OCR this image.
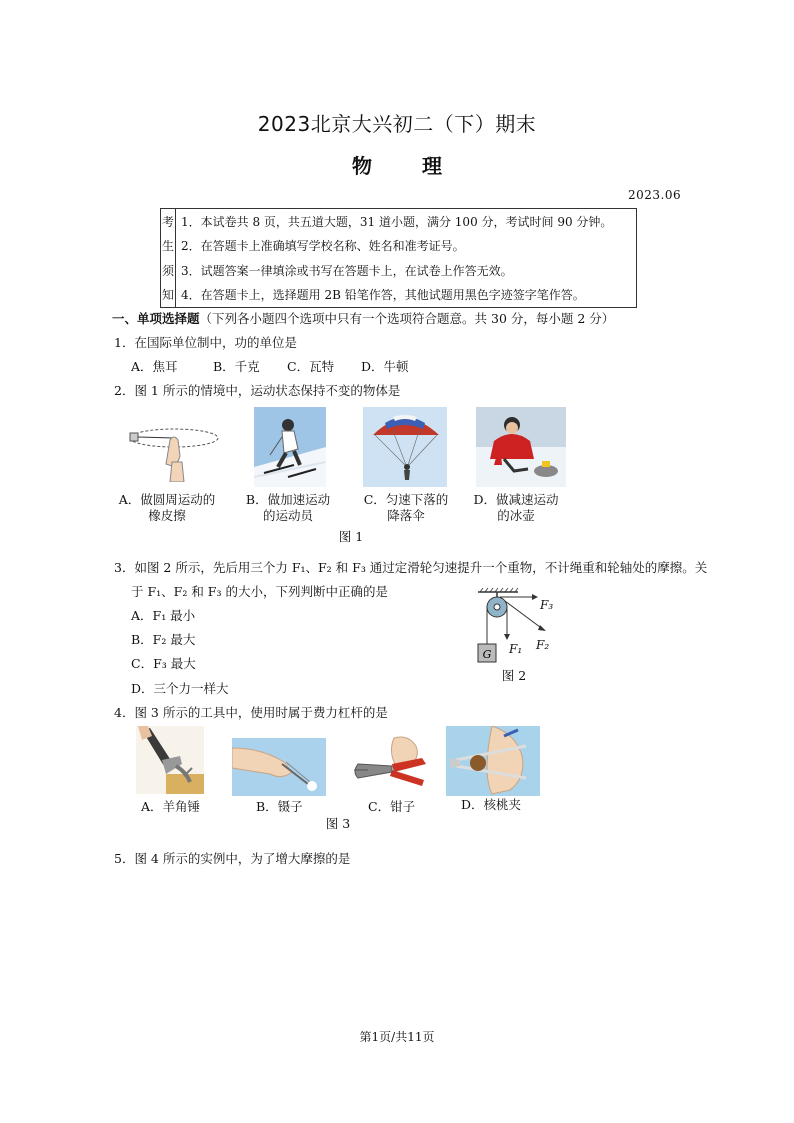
2023北京大兴初二（下）期末
物	理
2023.06
考	1．本试卷共 8 页，共五道大题，31 道小题，满分 100 分，考试时间 90 分钟。
生	2．在答题卡上准确填写学校名称、姓名和准考证号。
须	3．试题答案一律填涂或书写在答题卡上，在试卷上作答无效。
知	4．在答题卡上，选择题用 2B 铅笔作答，其他试题用黑色字迹签字笔作答。
一、单项选择题（下列各小题四个选项中只有一个选项符合题意。共 30 分，每小题 2 分）
1．在国际单位制中，功的单位是
A．焦耳	B．千克 C．瓦特 D．牛顿
2．图 1 所示的情境中，运动状态保持不变的物体是
A．做圆周运动的
橡皮擦
B．做加速运动
的运动员
C．匀速下落的
降落伞
D．做减速运动
的冰壶
图 1
3．如图 2 所示，先后用三个力 F₁、F₂ 和 F₃ 通过定滑轮匀速提升一个重物，不计绳重和轮轴处的摩擦。关
于 F₁、F₂ 和 F₃ 的大小，下列判断中正确的是
A．F₁ 最小
B．F₂ 最大
C．F₃ 最大
D．三个力一样大
G
F₃
F₁ F₂
图 2
4．图 3 所示的工具中，使用时属于费力杠杆的是
A．羊角锤	B．镊子	C．钳子	D．核桃夹
图 3
5．图 4 所示的实例中，为了增大摩擦的是
第1页/共11页
